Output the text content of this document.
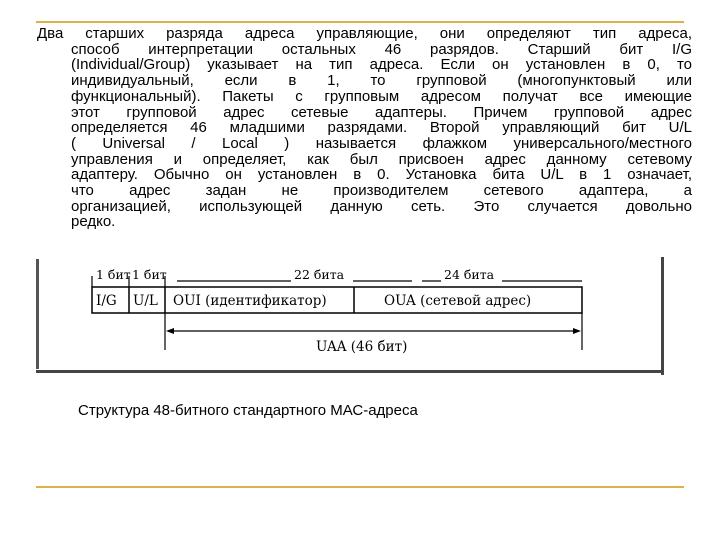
Два старших разряда адреса управляющие, они определяют тип адреса,
способ интерпретации остальных 46 разрядов. Старший бит I/G
(Individual/Group) указывает на тип адреса. Если он установлен в 0, то
индивидуальный, если в 1, то групповой (многопунктовый или
функциональный). Пакеты с групповым адресом получат все имеющие
этот групповой адрес сетевые адаптеры. Причем групповой адрес
определяется 46 младшими разрядами. Второй управляющий бит U/L
( Universal / Local ) называется флажком универсального/местного
управления и определяет, как был присвоен адрес данному сетевому
адаптеру. Обычно он установлен в 0. Установка бита U/L в 1 означает,
что адрес задан не производителем сетевого адаптера, а
организацией, использующей данную сеть. Это случается довольно
редко.
1 бит 1 бит	22 бита	24 бита
I/G U/L OUI (идентификатор)	OUA (сетевой адрес)
UAA (46 бит)
Структура 48-битного стандартного МАС-адреса
